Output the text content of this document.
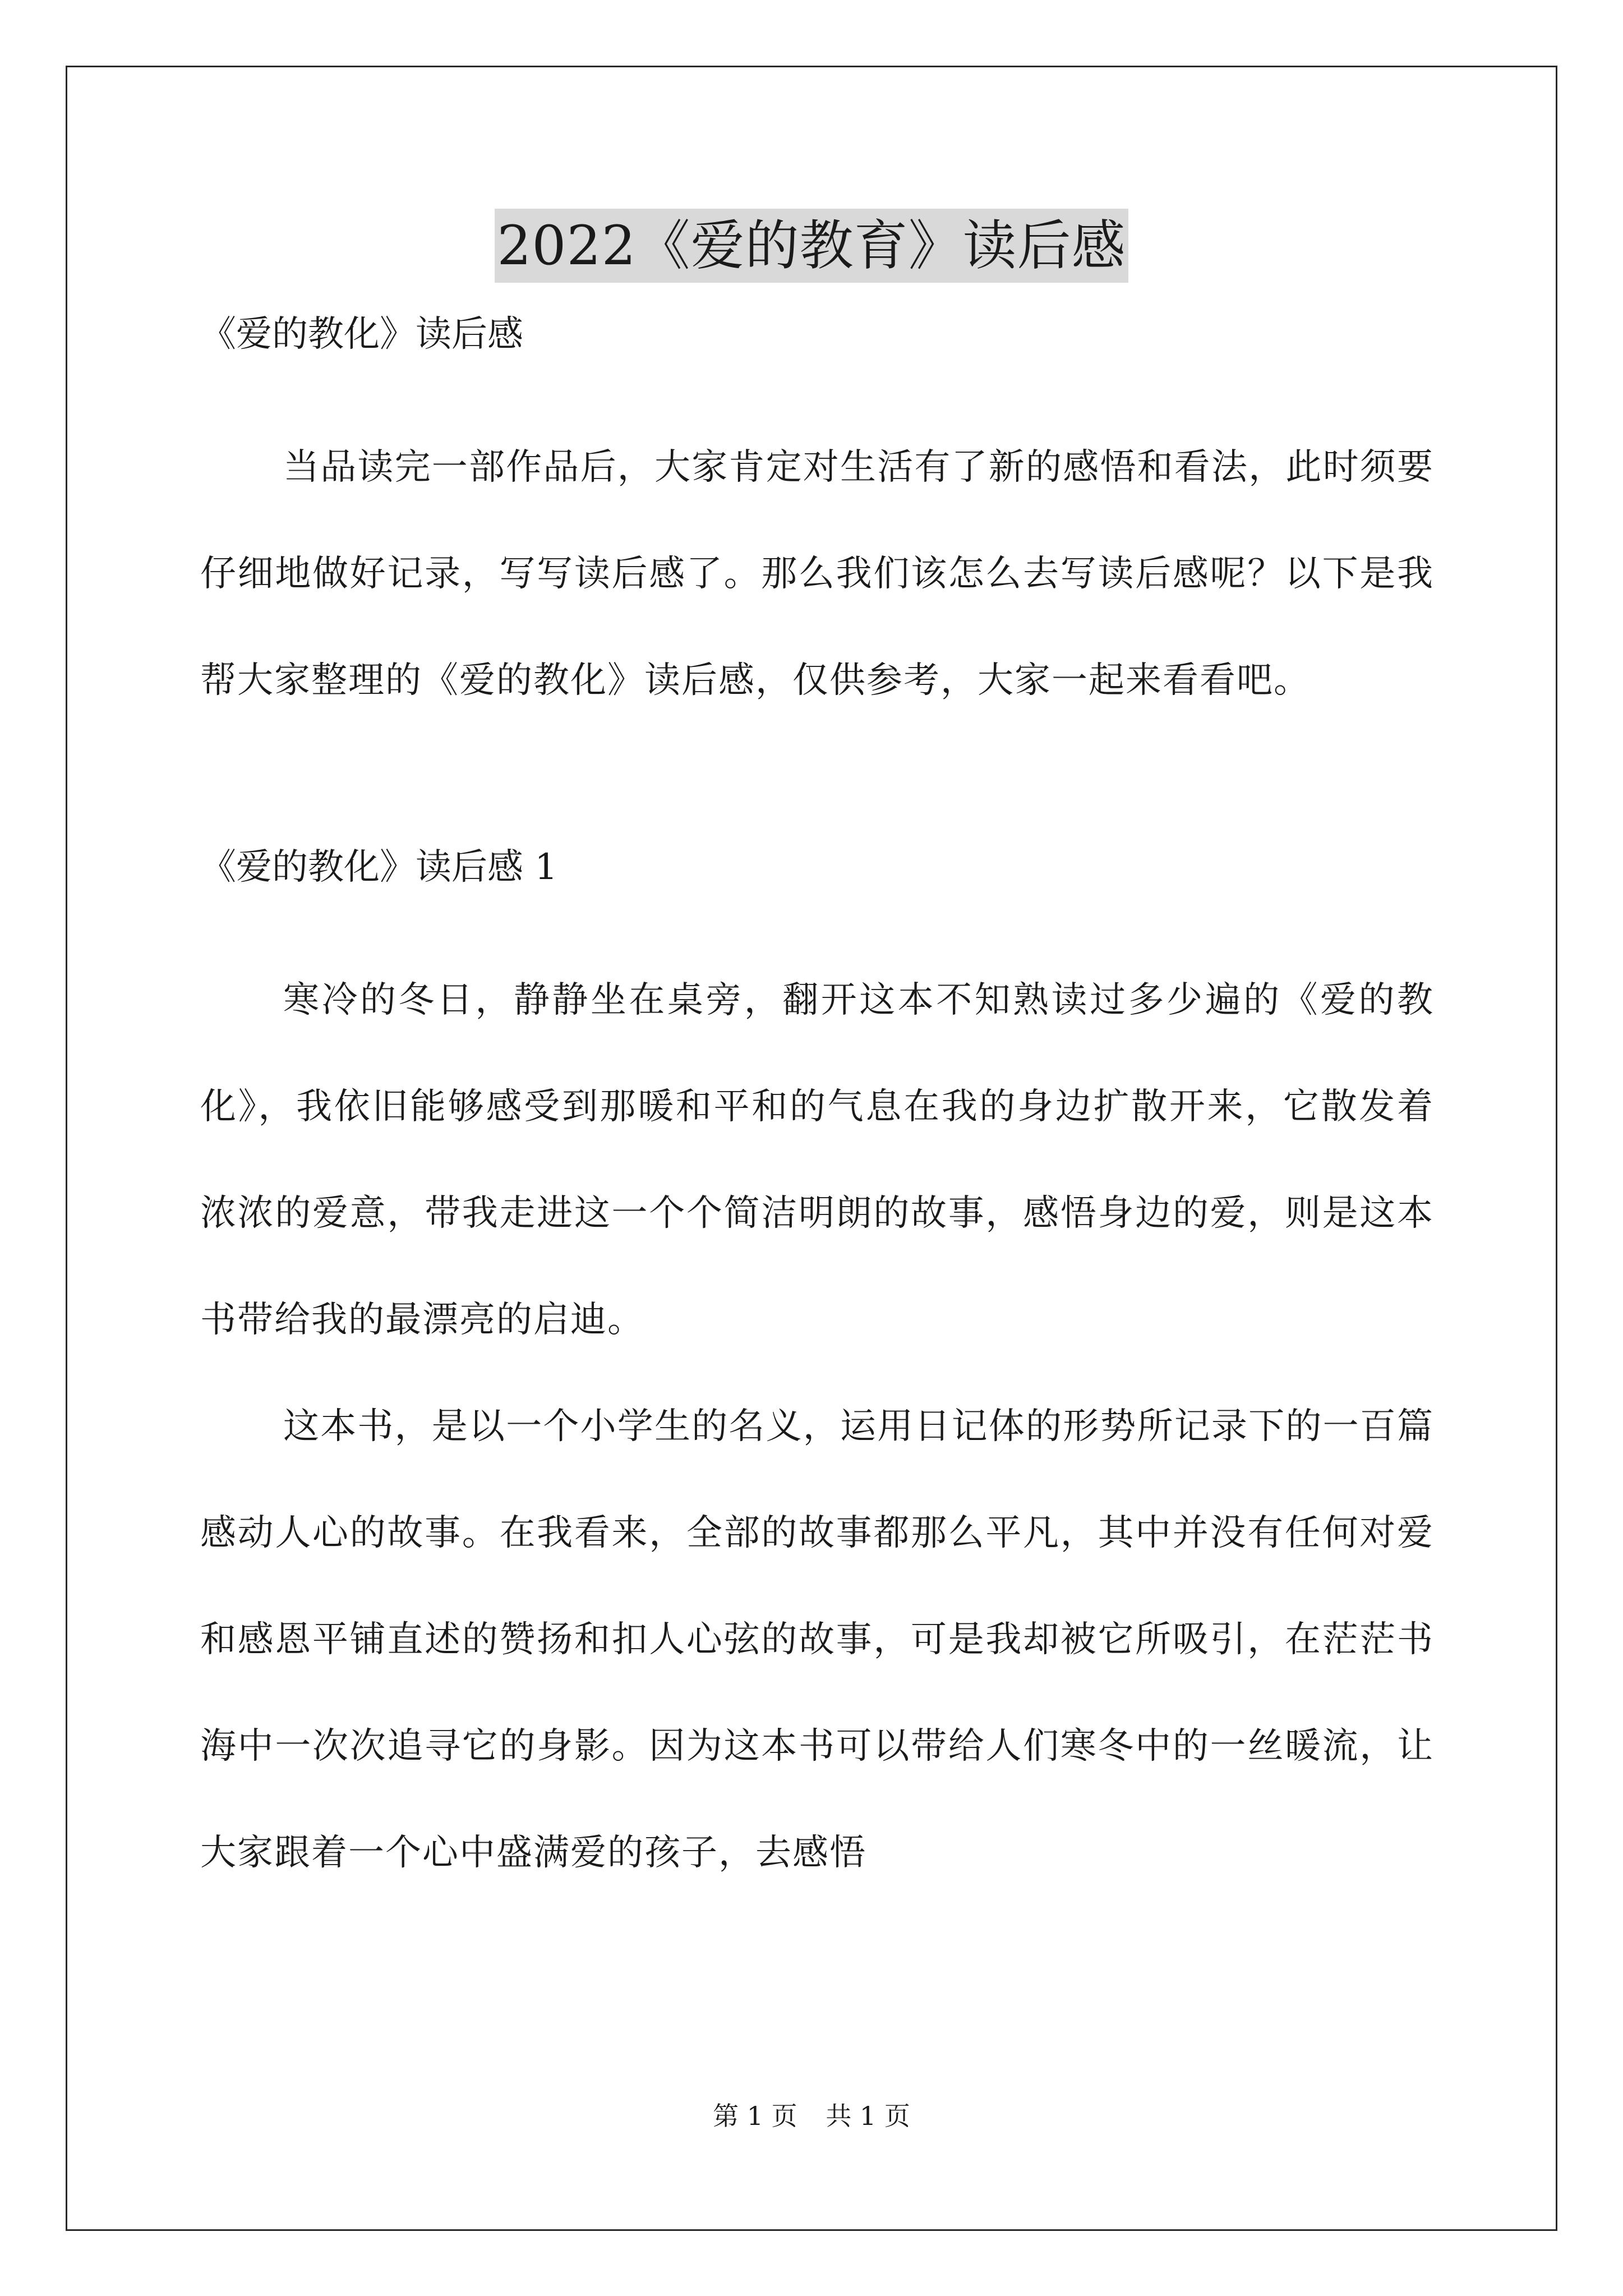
2022《爱的教育》读后感

《爱的教化》读后感

当品读完一部作品后，大家肯定对生活有了新的感悟和看法，此时须要仔细地做好记录，写写读后感了。那么我们该怎么去写读后感呢？以下是我帮大家整理的《爱的教化》读后感，仅供参考，大家一起来看看吧。

《爱的教化》读后感 1

寒冷的冬日，静静坐在桌旁，翻开这本不知熟读过多少遍的《爱的教化》，我依旧能够感受到那暖和平和的气息在我的身边扩散开来，它散发着浓浓的爱意，带我走进这一个个简洁明朗的故事，感悟身边的爱，则是这本书带给我的最漂亮的启迪。

这本书，是以一个小学生的名义，运用日记体的形势所记录下的一百篇感动人心的故事。在我看来，全部的故事都那么平凡，其中并没有任何对爱和感恩平铺直述的赞扬和扣人心弦的故事，可是我却被它所吸引，在茫茫书海中一次次追寻它的身影。因为这本书可以带给人们寒冬中的一丝暖流，让大家跟着一个心中盛满爱的孩子，去感悟

第 1 页 共 1 页
